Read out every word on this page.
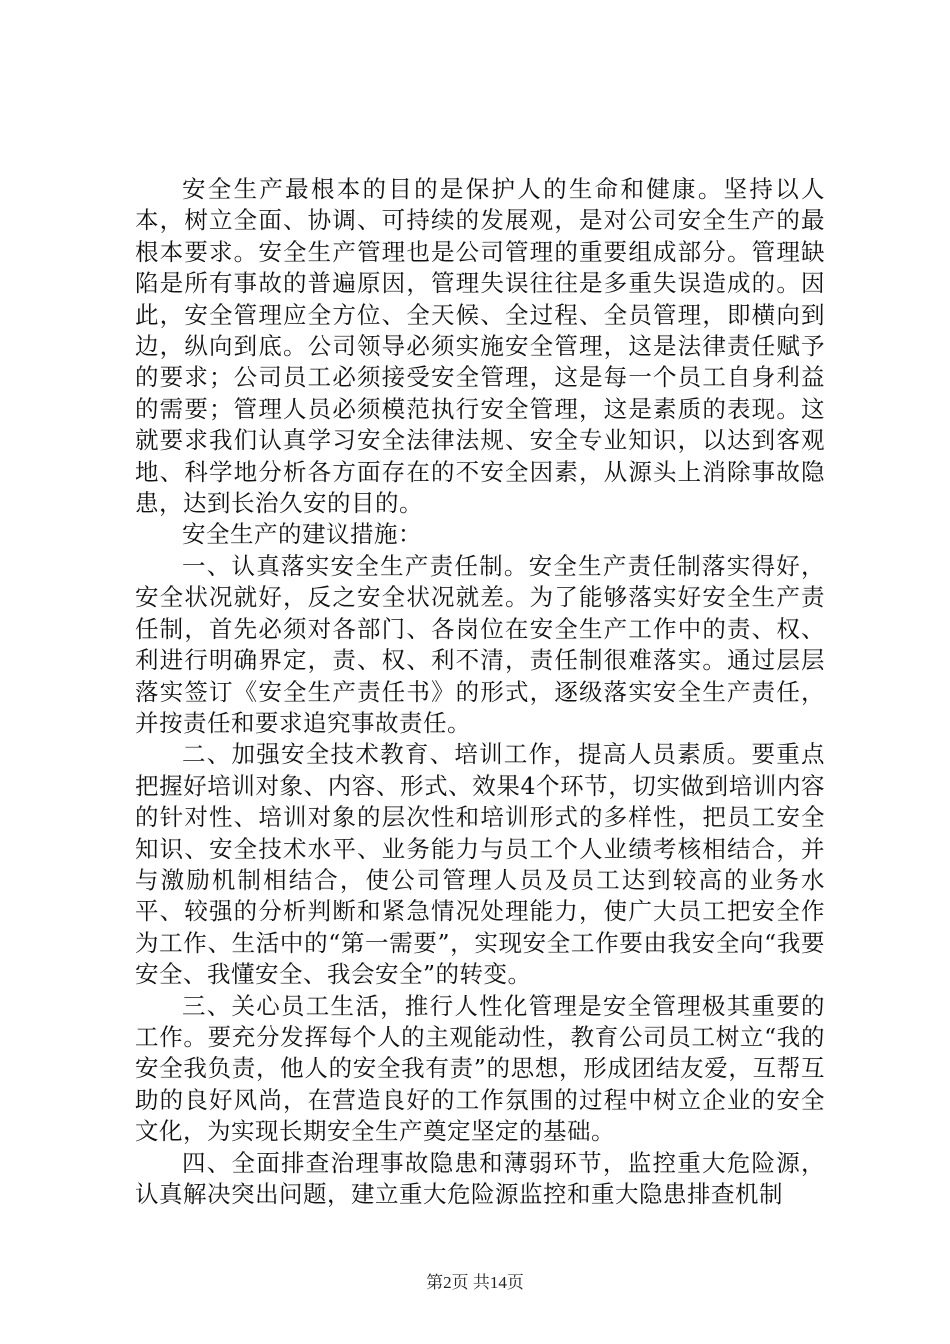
安全生产最根本的目的是保护人的生命和健康。坚持以人本，树立全面、协调、可持续的发展观，是对公司安全生产的最根本要求。安全生产管理也是公司管理的重要组成部分。管理缺陷是所有事故的普遍原因，管理失误往往是多重失误造成的。因此，安全管理应全方位、全天候、全过程、全员管理，即横向到边，纵向到底。公司领导必须实施安全管理，这是法律责任赋予的要求；公司员工必须接受安全管理，这是每一个员工自身利益的需要；管理人员必须模范执行安全管理，这是素质的表现。这就要求我们认真学习安全法律法规、安全专业知识，以达到客观地、科学地分析各方面存在的不安全因素，从源头上消除事故隐患，达到长治久安的目的。

安全生产的建议措施：

一、认真落实安全生产责任制。安全生产责任制落实得好，安全状况就好，反之安全状况就差。为了能够落实好安全生产责任制，首先必须对各部门、各岗位在安全生产工作中的责、权、利进行明确界定，责、权、利不清，责任制很难落实。通过层层落实签订《安全生产责任书》的形式，逐级落实安全生产责任，并按责任和要求追究事故责任。

二、加强安全技术教育、培训工作，提高人员素质。要重点把握好培训对象、内容、形式、效果4个环节，切实做到培训内容的针对性、培训对象的层次性和培训形式的多样性，把员工安全知识、安全技术水平、业务能力与员工个人业绩考核相结合，并与激励机制相结合，使公司管理人员及员工达到较高的业务水平、较强的分析判断和紧急情况处理能力，使广大员工把安全作为工作、生活中的“第一需要”，实现安全工作要由我安全向“我要安全、我懂安全、我会安全”的转变。

三、关心员工生活，推行人性化管理是安全管理极其重要的工作。要充分发挥每个人的主观能动性，教育公司员工树立“我的安全我负责，他人的安全我有责”的思想，形成团结友爱，互帮互助的良好风尚，在营造良好的工作氛围的过程中树立企业的安全文化，为实现长期安全生产奠定坚定的基础。

四、全面排查治理事故隐患和薄弱环节，监控重大危险源，认真解决突出问题，建立重大危险源监控和重大隐患排查机制

第2页 共14页
